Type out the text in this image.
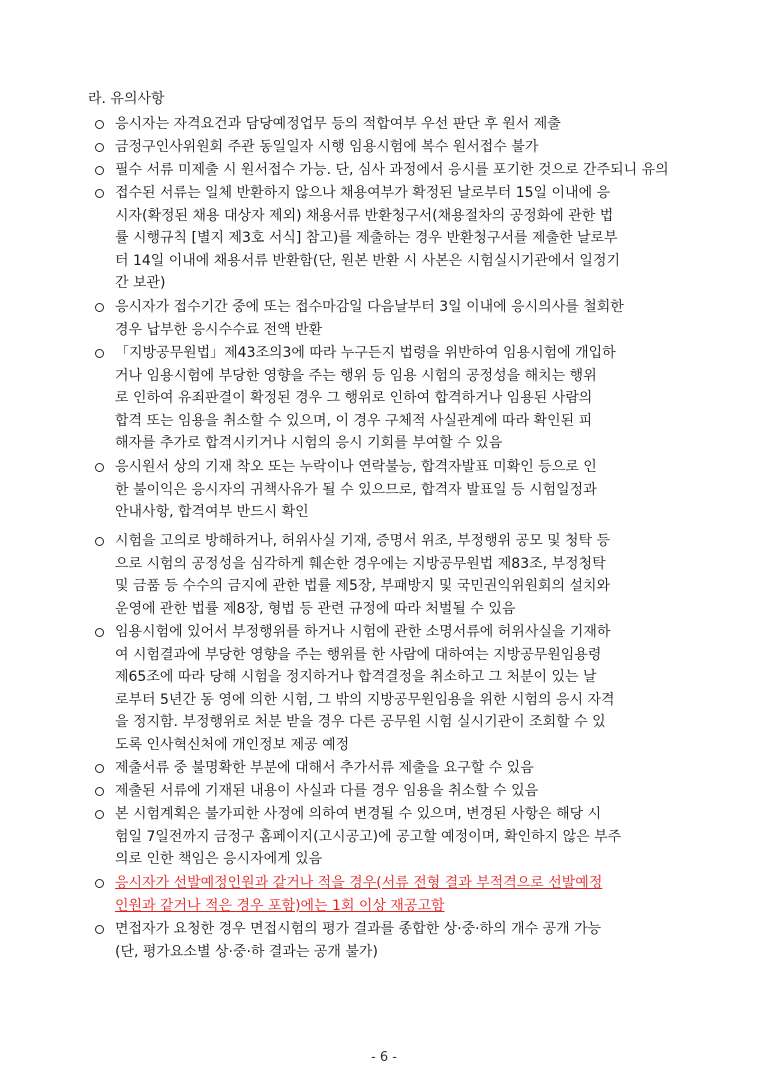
라. 유의사항
응시자는 자격요건과 담당예정업무 등의 적합여부 우선 판단 후 원서 제출
금정구인사위원회 주관 동일일자 시행 임용시험에 복수 원서접수 불가
필수 서류 미제출 시 원서접수 가능. 단, 심사 과정에서 응시를 포기한 것으로 간주되니 유의
접수된 서류는 일체 반환하지 않으나 채용여부가 확정된 날로부터 15일 이내에 응
시자(확정된 채용 대상자 제외) 채용서류 반환청구서(채용절차의 공정화에 관한 법
률 시행규칙 [별지 제3호 서식] 참고)를 제출하는 경우 반환청구서를 제출한 날로부
터 14일 이내에 채용서류 반환함(단, 원본 반환 시 사본은 시험실시기관에서 일정기
간 보관)
응시자가 접수기간 중에 또는 접수마감일 다음날부터 3일 이내에 응시의사를 철회한
경우 납부한 응시수수료 전액 반환
「지방공무원법」제43조의3에 따라 누구든지 법령을 위반하여 임용시험에 개입하
거나 임용시험에 부당한 영향을 주는 행위 등 임용 시험의 공정성을 해치는 행위
로 인하여 유죄판결이 확정된 경우 그 행위로 인하여 합격하거나 임용된 사람의
합격 또는 임용을 취소할 수 있으며, 이 경우 구체적 사실관계에 따라 확인된 피
해자를 추가로 합격시키거나 시험의 응시 기회를 부여할 수 있음
응시원서 상의 기재 착오 또는 누락이나 연락불능, 합격자발표 미확인 등으로 인
한 불이익은 응시자의 귀책사유가 될 수 있으므로, 합격자 발표일 등 시험일정과
안내사항, 합격여부 반드시 확인
시험을 고의로 방해하거나, 허위사실 기재, 증명서 위조, 부정행위 공모 및 청탁 등
으로 시험의 공정성을 심각하게 훼손한 경우에는 지방공무원법 제83조, 부정청탁
및 금품 등 수수의 금지에 관한 법률 제5장, 부패방지 및 국민권익위원회의 설치와
운영에 관한 법률 제8장, 형법 등 관련 규정에 따라 처벌될 수 있음
임용시험에 있어서 부정행위를 하거나 시험에 관한 소명서류에 허위사실을 기재하
여 시험결과에 부당한 영향을 주는 행위를 한 사람에 대하여는 지방공무원임용령
제65조에 따라 당해 시험을 정지하거나 합격결정을 취소하고 그 처분이 있는 날
로부터 5년간 동 영에 의한 시험, 그 밖의 지방공무원임용을 위한 시험의 응시 자격
을 정지함. 부정행위로 처분 받을 경우 다른 공무원 시험 실시기관이 조회할 수 있
도록 인사혁신처에 개인정보 제공 예정
제출서류 중 불명확한 부분에 대해서 추가서류 제출을 요구할 수 있음
제출된 서류에 기재된 내용이 사실과 다를 경우 임용을 취소할 수 있음
본 시험계획은 불가피한 사정에 의하여 변경될 수 있으며, 변경된 사항은 해당 시
험일 7일전까지 금정구 홈페이지(고시공고)에 공고할 예정이며, 확인하지 않은 부주
의로 인한 책임은 응시자에게 있음
응시자가 선발예정인원과 같거나 적을 경우(서류 전형 결과 부적격으로 선발예정
인원과 같거나 적은 경우 포함)에는 1회 이상 재공고함
면접자가 요청한 경우 면접시험의 평가 결과를 종합한 상·중·하의 개수 공개 가능
(단, 평가요소별 상·중·하 결과는 공개 불가)
- 6 -
